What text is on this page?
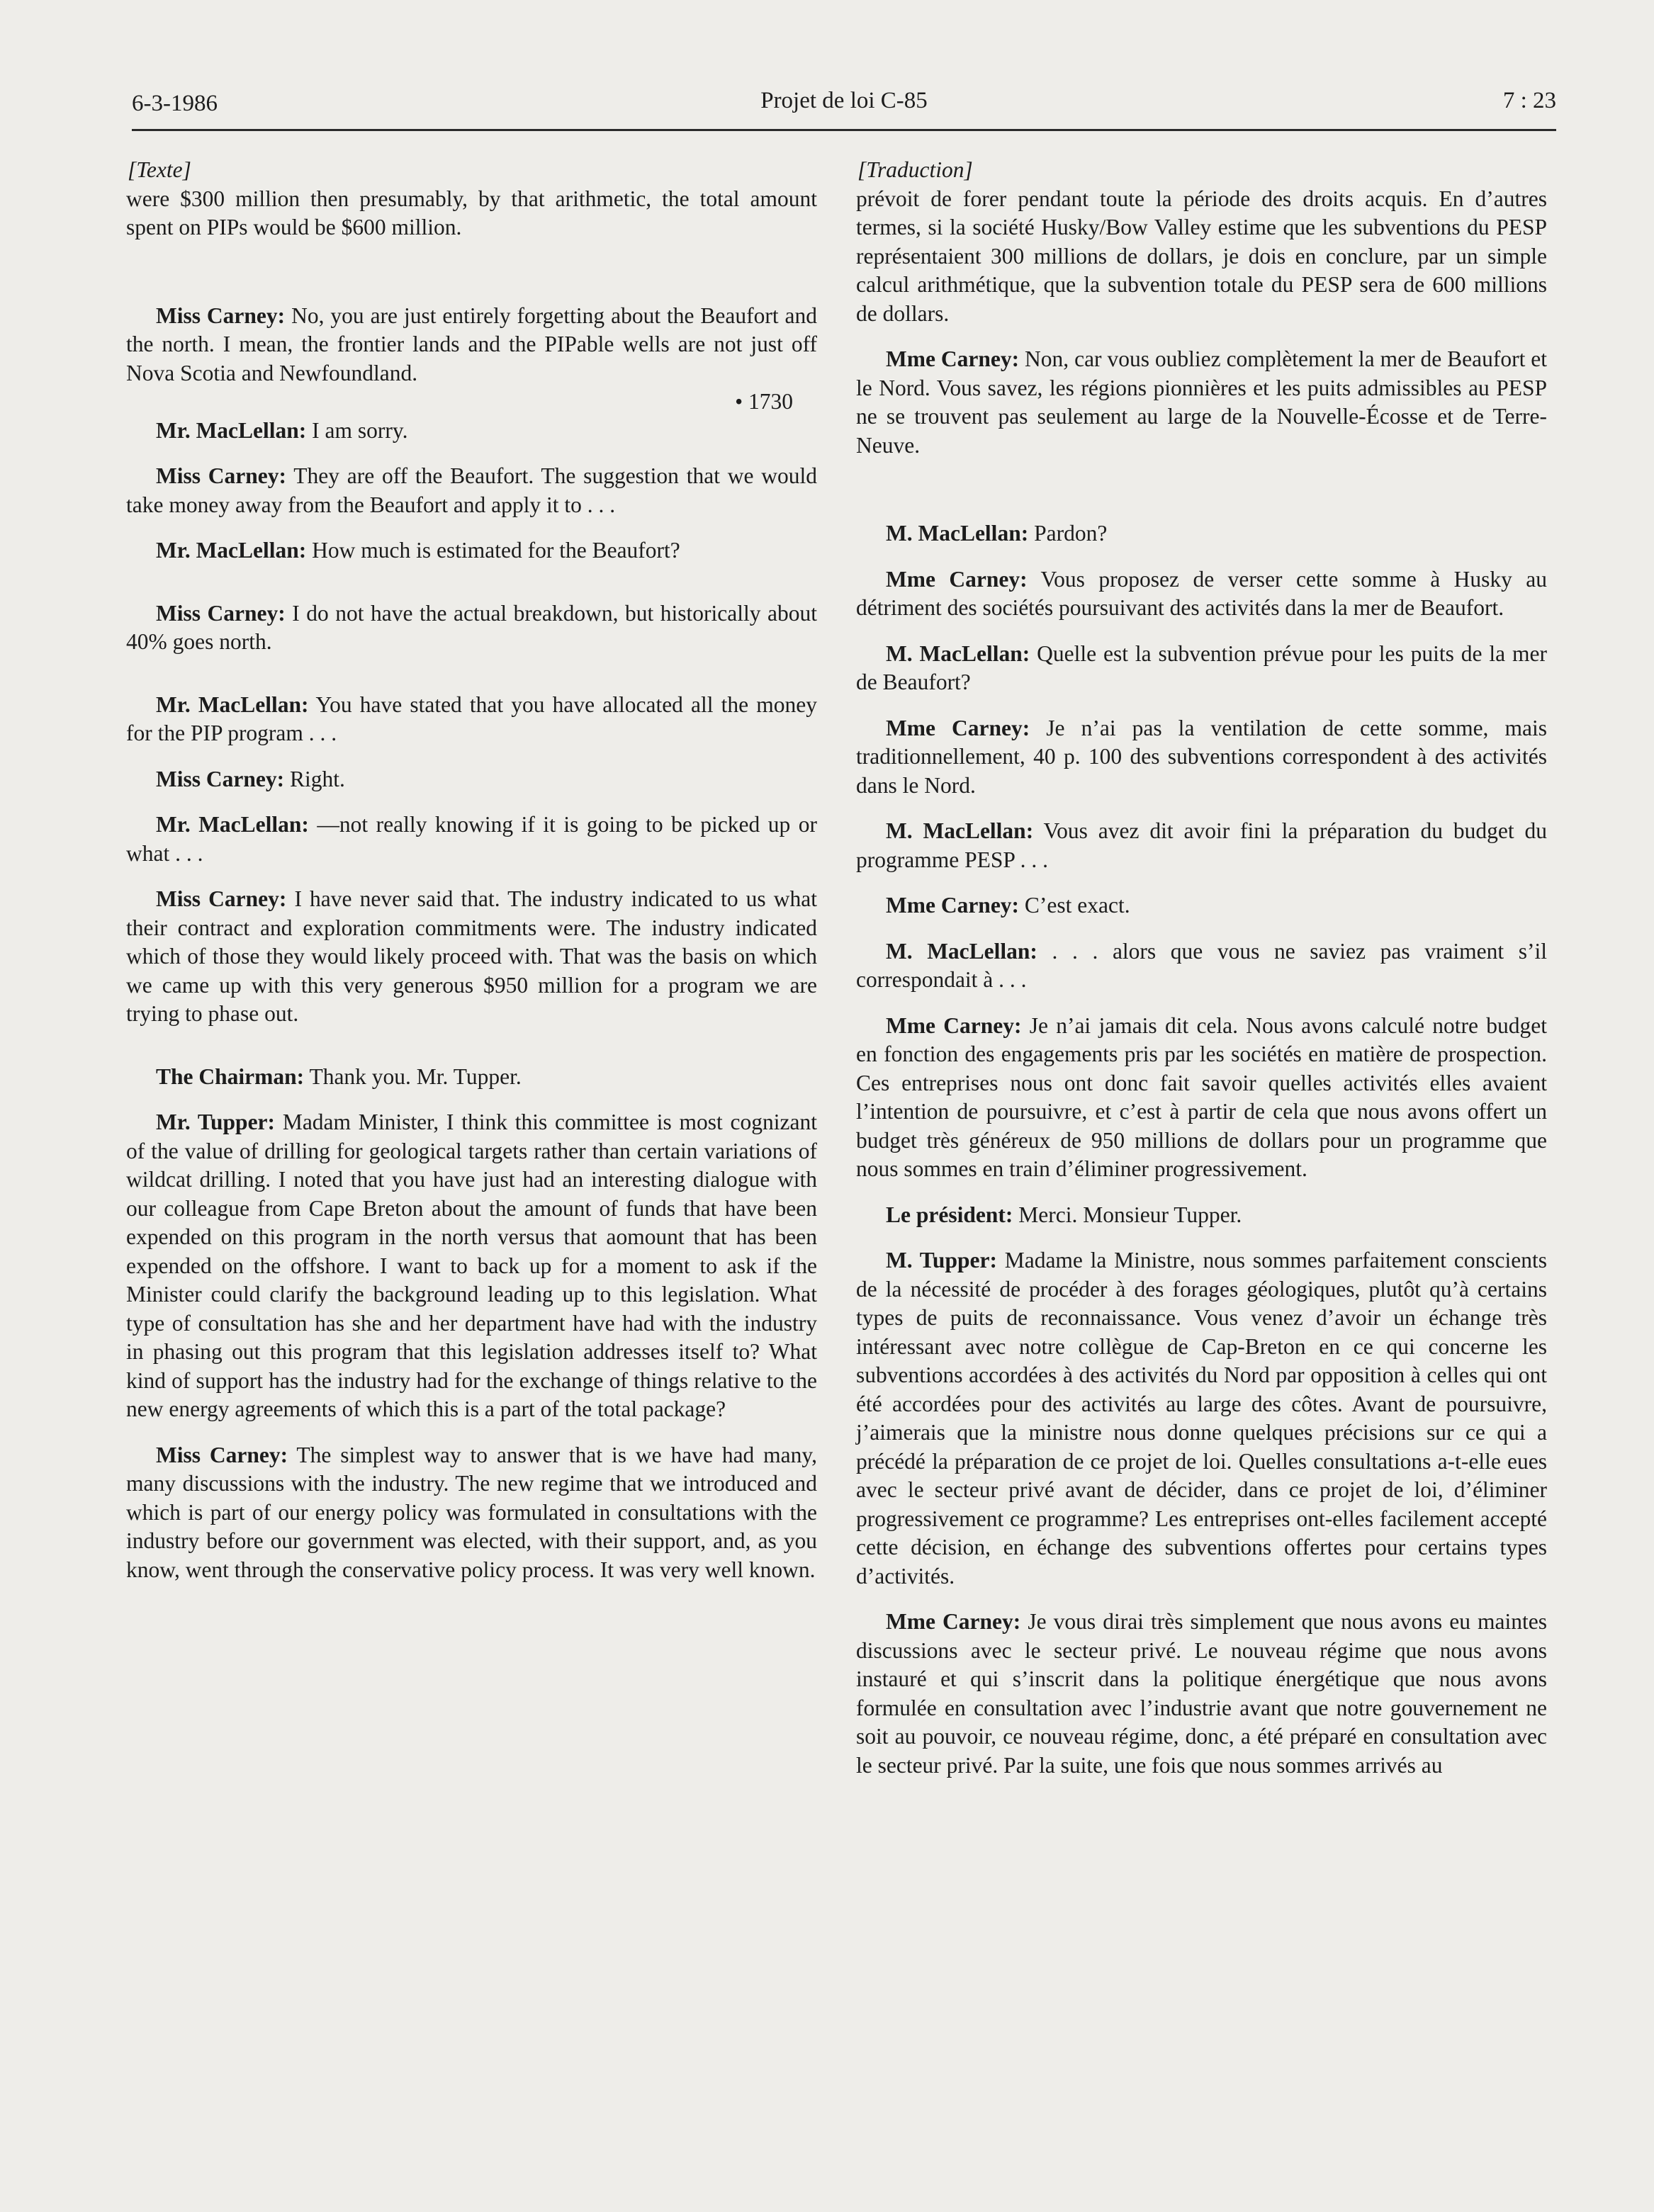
6-3-1986	Projet de loi C-85	7 : 23

[Texte]

were $300 million then presumably, by that arithmetic, the total amount spent on PIPs would be $600 million.

Miss Carney: No, you are just entirely forgetting about the Beaufort and the north. I mean, the frontier lands and the PIPable wells are not just off Nova Scotia and Newfoundland.

• 1730

Mr. MacLellan: I am sorry.

Miss Carney: They are off the Beaufort. The suggestion that we would take money away from the Beaufort and apply it to . . .

Mr. MacLellan: How much is estimated for the Beaufort?

Miss Carney: I do not have the actual breakdown, but historically about 40% goes north.

Mr. MacLellan: You have stated that you have allocated all the money for the PIP program . . .

Miss Carney: Right.

Mr. MacLellan: —not really knowing if it is going to be picked up or what . . .

Miss Carney: I have never said that. The industry indicated to us what their contract and exploration commitments were. The industry indicated which of those they would likely proceed with. That was the basis on which we came up with this very generous $950 million for a program we are trying to phase out.

The Chairman: Thank you. Mr. Tupper.

Mr. Tupper: Madam Minister, I think this committee is most cognizant of the value of drilling for geological targets rather than certain variations of wildcat drilling. I noted that you have just had an interesting dialogue with our colleague from Cape Breton about the amount of funds that have been expended on this program in the north versus that aomount that has been expended on the offshore. I want to back up for a moment to ask if the Minister could clarify the background leading up to this legislation. What type of consultation has she and her department have had with the industry in phasing out this program that this legislation addresses itself to? What kind of support has the industry had for the exchange of things relative to the new energy agreements of which this is a part of the total package?

Miss Carney: The simplest way to answer that is we have had many, many discussions with the industry. The new regime that we introduced and which is part of our energy policy was formulated in consultations with the industry before our government was elected, with their support, and, as you know, went through the conservative policy process. It was very well known.

[Traduction]

prévoit de forer pendant toute la période des droits acquis. En d’autres termes, si la société Husky/Bow Valley estime que les subventions du PESP représentaient 300 millions de dollars, je dois en conclure, par un simple calcul arithmétique, que la subvention totale du PESP sera de 600 millions de dollars.

Mme Carney: Non, car vous oubliez complètement la mer de Beaufort et le Nord. Vous savez, les régions pionnières et les puits admissibles au PESP ne se trouvent pas seulement au large de la Nouvelle-Écosse et de Terre-Neuve.

M. MacLellan: Pardon?

Mme Carney: Vous proposez de verser cette somme à Husky au détriment des sociétés poursuivant des activités dans la mer de Beaufort.

M. MacLellan: Quelle est la subvention prévue pour les puits de la mer de Beaufort?

Mme Carney: Je n’ai pas la ventilation de cette somme, mais traditionnellement, 40 p. 100 des subventions correspondent à des activités dans le Nord.

M. MacLellan: Vous avez dit avoir fini la préparation du budget du programme PESP . . .

Mme Carney: C’est exact.

M. MacLellan: . . . alors que vous ne saviez pas vraiment s’il correspondait à . . .

Mme Carney: Je n’ai jamais dit cela. Nous avons calculé notre budget en fonction des engagements pris par les sociétés en matière de prospection. Ces entreprises nous ont donc fait savoir quelles activités elles avaient l’intention de poursuivre, et c’est à partir de cela que nous avons offert un budget très généreux de 950 millions de dollars pour un programme que nous sommes en train d’éliminer progressivement.

Le président: Merci. Monsieur Tupper.

M. Tupper: Madame la Ministre, nous sommes parfaitement conscients de la nécessité de procéder à des forages géologiques, plutôt qu’à certains types de puits de reconnaissance. Vous venez d’avoir un échange très intéressant avec notre collègue de Cap-Breton en ce qui concerne les subventions accordées à des activités du Nord par opposition à celles qui ont été accordées pour des activités au large des côtes. Avant de poursuivre, j’aimerais que la ministre nous donne quelques précisions sur ce qui a précédé la préparation de ce projet de loi. Quelles consultations a-t-elle eues avec le secteur privé avant de décider, dans ce projet de loi, d’éliminer progressivement ce programme? Les entreprises ont-elles facilement accepté cette décision, en échange des subventions offertes pour certains types d’activités.

Mme Carney: Je vous dirai très simplement que nous avons eu maintes discussions avec le secteur privé. Le nouveau régime que nous avons instauré et qui s’inscrit dans la politique énergétique que nous avons formulée en consultation avec l’industrie avant que notre gouvernement ne soit au pouvoir, ce nouveau régime, donc, a été préparé en consultation avec le secteur privé. Par la suite, une fois que nous sommes arrivés au
